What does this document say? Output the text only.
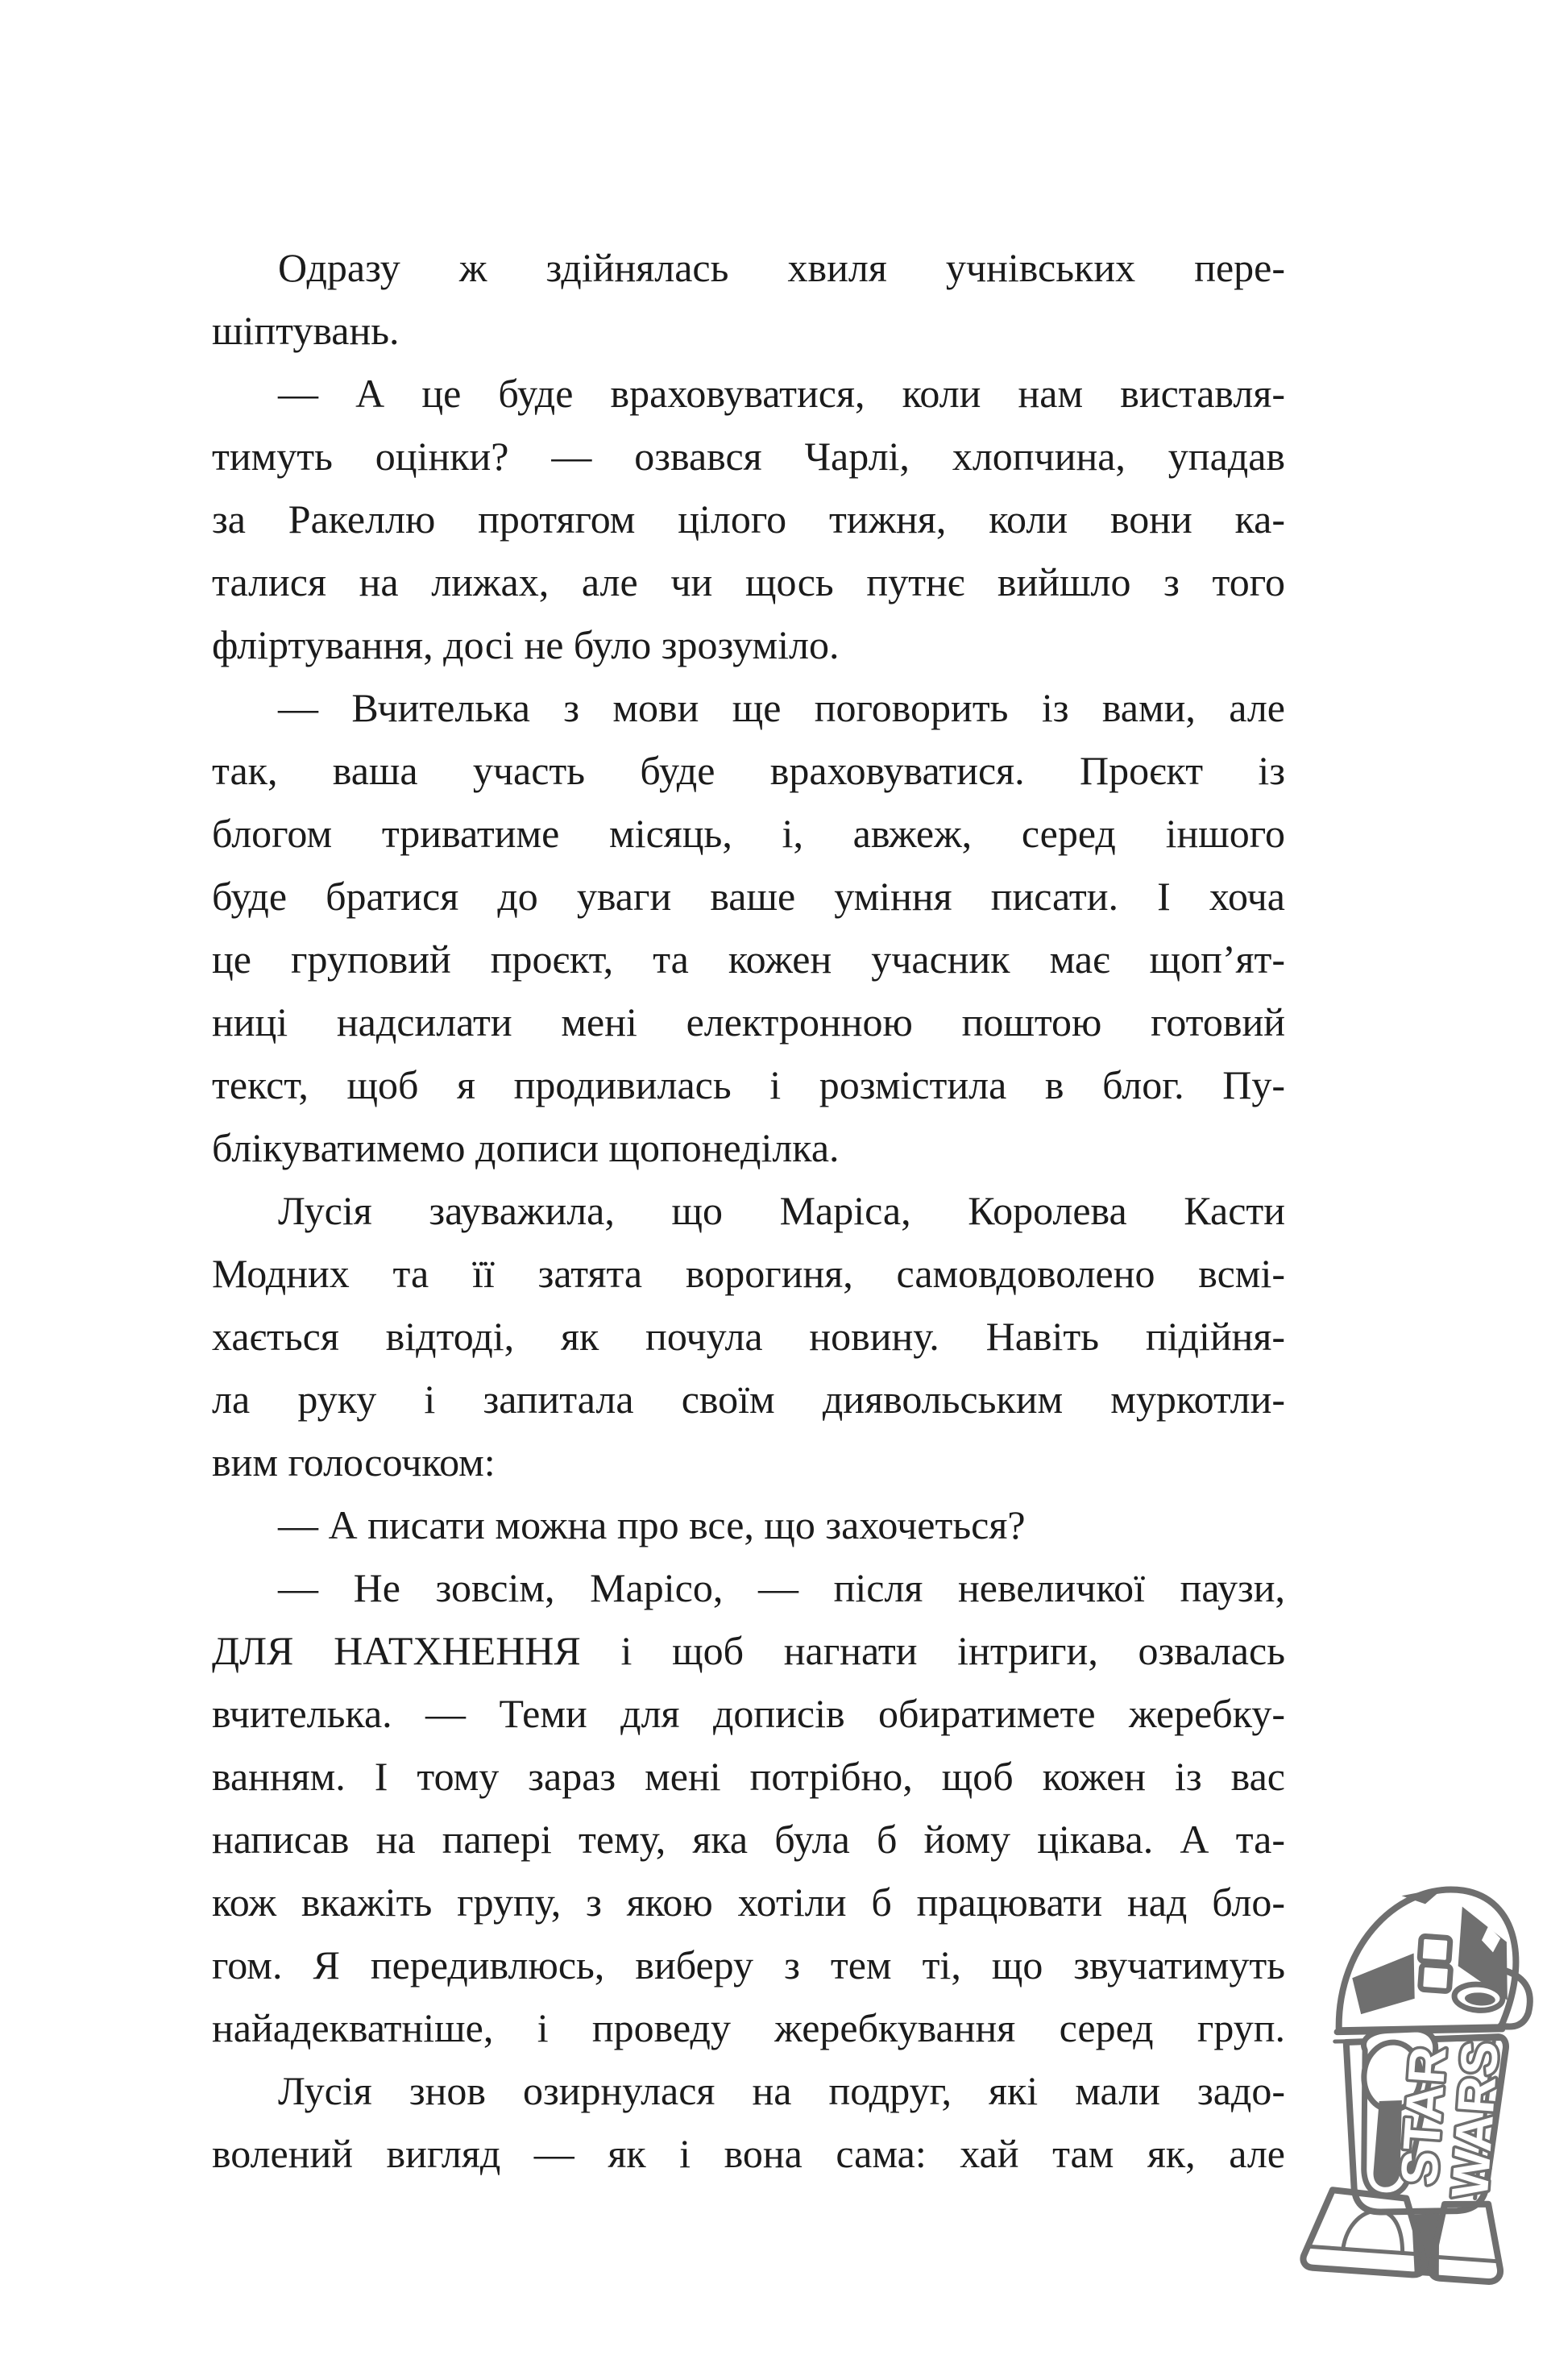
Одразу ж здійнялась хвиля учнівських пере-
шіптувань.
— А це буде враховуватися, коли нам виставля-
тимуть оцінки? — озвався Чарлі, хлопчина, упадав
за Ракеллю протягом цілого тижня, коли вони ка-
талися на лижах, але чи щось путнє вийшло з того
фліртування, досі не було зрозуміло.
— Вчителька з мови ще поговорить із вами, але
так, ваша участь буде враховуватися. Проєкт із
блогом триватиме місяць, і, авжеж, серед іншого
буде братися до уваги ваше уміння писати. І хоча
це груповий проєкт, та кожен учасник має щоп’ят-
ниці надсилати мені електронною поштою готовий
текст, щоб я продивилась і розмістила в блог. Пу-
блікуватимемо дописи щопонеділка.
Лусія зауважила, що Маріса, Королева Касти
Модних та її затята ворогиня, самовдоволено всмі-
хається відтоді, як почула новину. Навіть підійня-
ла руку і запитала своїм диявольським муркотли-
вим голосочком:
— А писати можна про все, що захочеться?
— Не зовсім, Марісо, — після невеличкої паузи,
ДЛЯ НАТХНЕННЯ і щоб нагнати інтриги, озвалась
вчителька. — Теми для дописів обиратимете жеребку-
ванням. І тому зараз мені потрібно, щоб кожен із вас
написав на папері тему, яка була б йому цікава. А та-
кож вкажіть групу, з якою хотіли б працювати над бло-
гом. Я передивлюсь, виберу з тем ті, що звучатимуть
найадекватніше, і проведу жеребкування серед груп.
Лусія знов озирнулася на подруг, які мали задо-
волений вигляд — як і вона сама: хай там як, але STAR
WARS
